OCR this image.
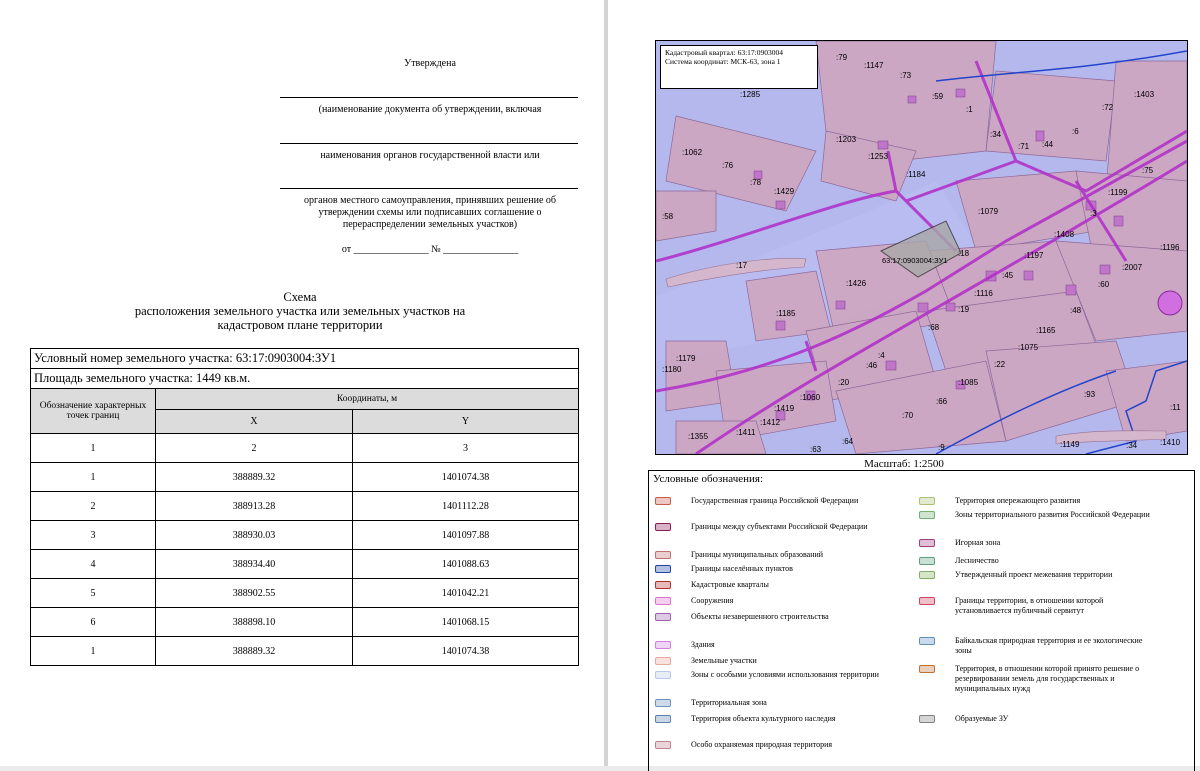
Утверждена
(наименование документа об утверждении, включая
наименования органов государственной власти или
органов местного самоуправления, принявших решение об утверждении схемы или подписавших соглашение о перераспределении земельных участков)
от _______________ № _______________
Схема
расположения земельного участка или земельных участков на кадастровом плане территории
Условный номер земельного участка: 63:17:0903004:ЗУ1		
Площадь земельного участка: 1449 кв.м.		
Обозначение характерных точек границ	Координаты, м	
	X	Y
1	2	3
1	388889.32	1401074.38
2	388913.28	1401112.28
3	388930.03	1401097.88
4	388934.40	1401088.63
5	388902.55	1401042.21
6	388898.10	1401068.15
1	388889.32	1401074.38
:79
:1147
:73
:1285	:59
:1
:1403
:72
:34
:71 :44
:6
:1062
:76
:1203
:1253
:1184
:78
:1429
:75
:1199
:58
:1079	:3
:1408
:1196
:18	:1197
:2007
:17
:45
:60
:1426
:1116
:19	:48
:1185
:68	:1165
:1075
:4
:46	:22
:1179
:1180
:1085
:20
:93
:1060	:66
:1419	:11
:70
:1412
:1411
:1355
:64
:63	:9	:1149	:34	:1410
63:17:0903004:ЗУ1
Кадастровый квартал: 63:17:0903004
Система координат: МСК-63, зона 1
Масштаб: 1:2500
Условные обозначения:
Государственная граница Российской Федерации
Границы между субъектами Российской Федерации
Границы муниципальных образований
Границы населённых пунктов
Кадастровые кварталы
Сооружения
Объекты незавершенного строительства
Здания
Земельные участки
Зоны с особыми условиями использования территории
Территориальная зона
Территория объекта культурного наследия
Особо охраняемая природная территория
Территория опережающего развития
Зоны территориального развития Российской Федерации
Игорная зона
Лесничество
Утвержденный проект межевания территории
Границы территории, в отношении которой установливается публичный сервитут
Байкальская природная территория и ее экологические зоны
Территория, в отношении которой принято решение о резервировании земель для государственных и муниципальных нужд
Образуемые ЗУ
